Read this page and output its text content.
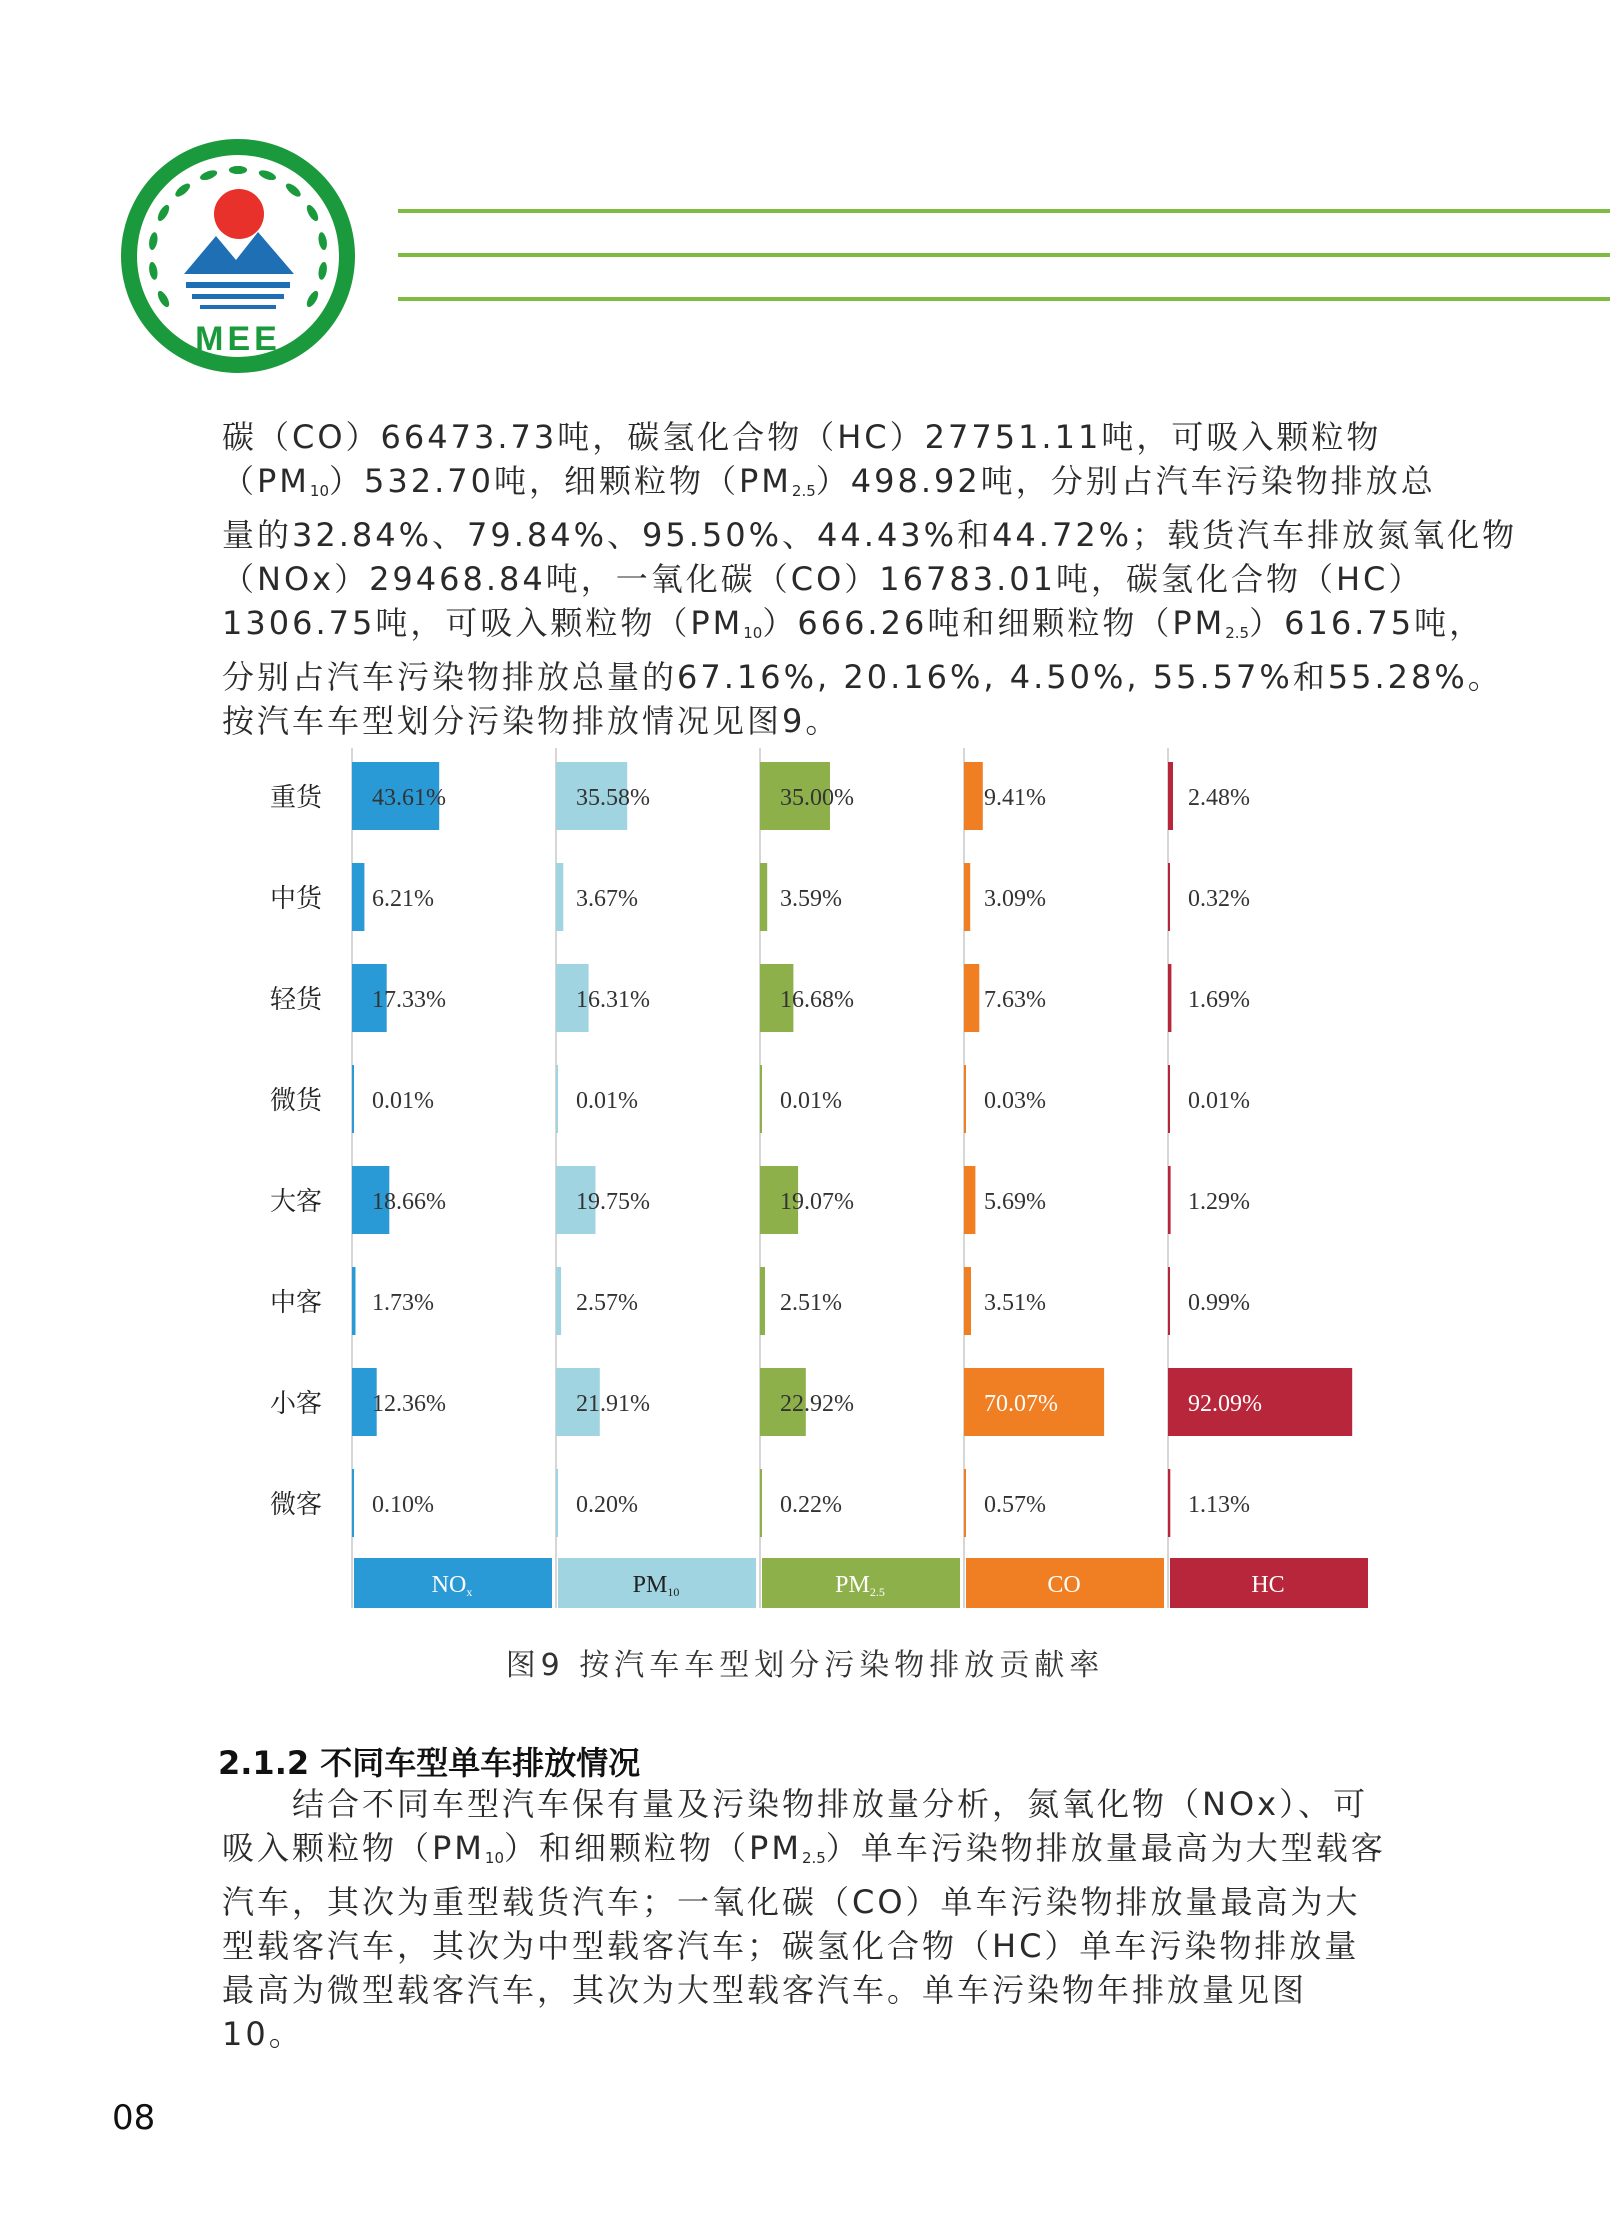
MEE
碳（CO）66473.73吨，碳氢化合物（HC）27751.11吨，可吸入颗粒物
$(PM_{10})532.70$吨，细颗粒物$(PM_{2.5})498.92$吨，分别占汽车污染物排放总
量的32.84%、79.84%、95.50%、44.43%和44.72%；载货汽车排放氮氧化物
（NOx）29468.84吨，一氧化碳（CO）16783.01吨，碳氢化合物（HC）
1306.75吨，可吸入颗粒物$(PM_{10})666.26$吨和细颗粒物$(PM_{2.5})616.75$吨，
分别占汽车污染物排放总量的67.16%, 20.16%, 4.50%, 55.57%和55.28%。
按汽车车型划分污染物排放情况见图9。
重货
中货
轻货
微货
大客
中客
小客
微客
43.61%
6.21%
17.33%
0.01%
18.66%
1.73%
12.36%
0.10%
NOx
35.58%
3.67%
16.31%
0.01%
19.75%
2.57%
21.91%
0.20%
PM10
35.00%
3.59%
16.68%
0.01%
19.07%
2.51%
22.92%
0.22%
PM2.5
9.41%
3.09%
7.63%
0.03%
5.69%
3.51%
70.07%
0.57%
CO
2.48%
0.32%
1.69%
0.01%
1.29%
0.99%
92.09%
1.13%
HC
图9 按汽车车型划分污染物排放贡献率
2.1.2 不同车型单车排放情况
　　结合不同车型汽车保有量及污染物排放量分析，氮氧化物（NOx）、可
吸入颗粒物$(PM_{10})$和细颗粒物$(PM_{2.5})$单车污染物排放量最高为大型载客
汽车，其次为重型载货汽车；一氧化碳（CO）单车污染物排放量最高为大
型载客汽车，其次为中型载客汽车；碳氢化合物（HC）单车污染物排放量
最高为微型载客汽车，其次为大型载客汽车。单车污染物年排放量见图
10。
08
